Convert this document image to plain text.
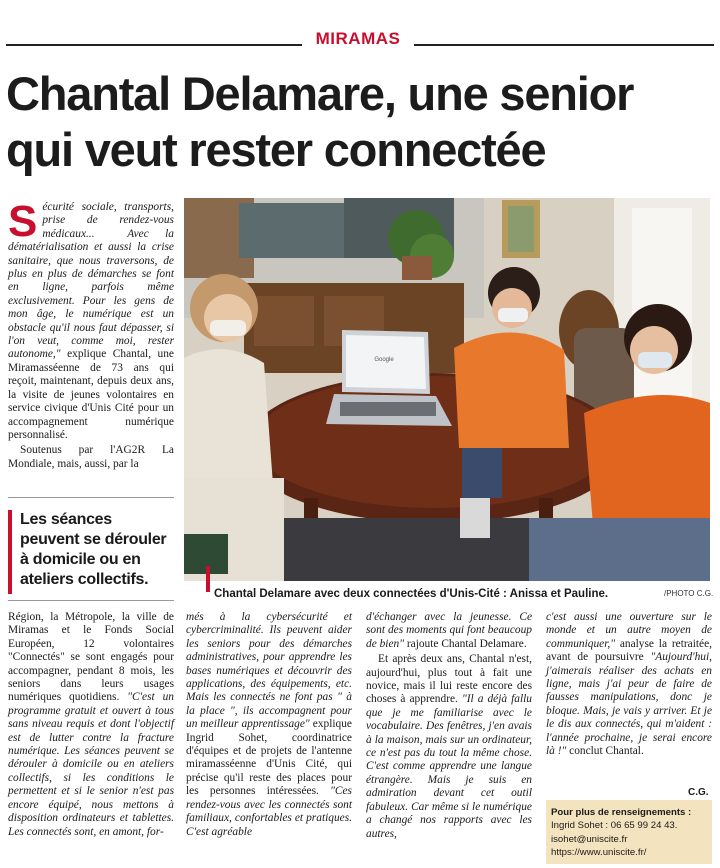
MIRAMAS
Chantal Delamare, une senior
qui veut rester connectée

S écurité sociale, transports, prise de rendez-vous médicaux...	Avec la dématérialisation et aussi la crise sanitaire, que nous traversons, de plus en plus de démarches se font en ligne, parfois même exclusivement. Pour les gens de mon âge, le numérique est un obstacle qu'il nous faut dépasser, si l'on veut, comme moi, rester autonome," explique Chantal, une Miramasséenne de 73 ans qui reçoit, maintenant, depuis deux ans, la visite de jeunes volontaires en service civique d'Unis Cité pour un accompagnement numérique personnalisé.

Soutenus par l'AG2R La Mondiale, mais, aussi, par la

Les séances peuvent se dérouler à domicile ou en ateliers collectifs.
Google
Chantal Delamare avec deux connectées d'Unis-Cité : Anissa et Pauline.	/PHOTO C.G.

Région, la Métropole, la ville de Miramas et le Fonds Social Européen, 12 volontaires "Connectés" se sont engagés pour accompagner, pendant 8 mois, les seniors dans leurs usages numériques quotidiens. "C'est un programme gratuit et ouvert à tous sans niveau requis et dont l'objectif est de lutter contre la fracture numérique. Les séances peuvent se dérouler à domicile ou en ateliers collectifs, si les conditions le permettent et si le senior n'est pas encore équipé, nous mettons à disposition ordinateurs et tablettes. Les connectés sont, en amont, for-

més à la cybersécurité et cybercriminalité. Ils peuvent aider les seniors pour des démarches administratives, pour apprendre les bases numériques et découvrir des applications, des équipements, etc. Mais les connectés ne font pas " à la place ", ils accompagnent pour un meilleur apprentissage" explique Ingrid Sohet, coordinatrice d'équipes et de projets de l'antenne miramasséenne d'Unis Cité, qui précise qu'il reste des places pour les personnes intéressées. "Ces rendez-vous avec les connectés sont familiaux, confortables et pratiques. C'est agréable

d'échanger avec la jeunesse. Ce sont des moments qui font beaucoup de bien" rajoute Chantal Delamare.

Et après deux ans, Chantal n'est, aujourd'hui, plus tout à fait une novice, mais il lui reste encore des choses à apprendre. "Il a déjà fallu que je me familiarise avec le vocabulaire. Des fenêtres, j'en avais à la maison, mais sur un ordinateur, ce n'est pas du tout la même chose. C'est comme apprendre une langue étrangère. Mais je suis en admiration devant cet outil fabuleux. Car même si le numérique a changé nos rapports avec les autres,

c'est aussi une ouverture sur le monde et un autre moyen de communiquer," analyse la retraitée, avant de poursuivre "Aujourd'hui, j'aimerais réaliser des achats en ligne, mais j'ai peur de faire de fausses manipulations, donc je bloque. Mais, je vais y arriver. Et je le dis aux connectés, qui m'aident : l'année prochaine, je serai encore là !" conclut Chantal.

C.G.
Pour plus de renseignements :
Ingrid Sohet : 06 65 99 24 43.
isohet@uniscite.fr
https://www.uniscite.fr/
